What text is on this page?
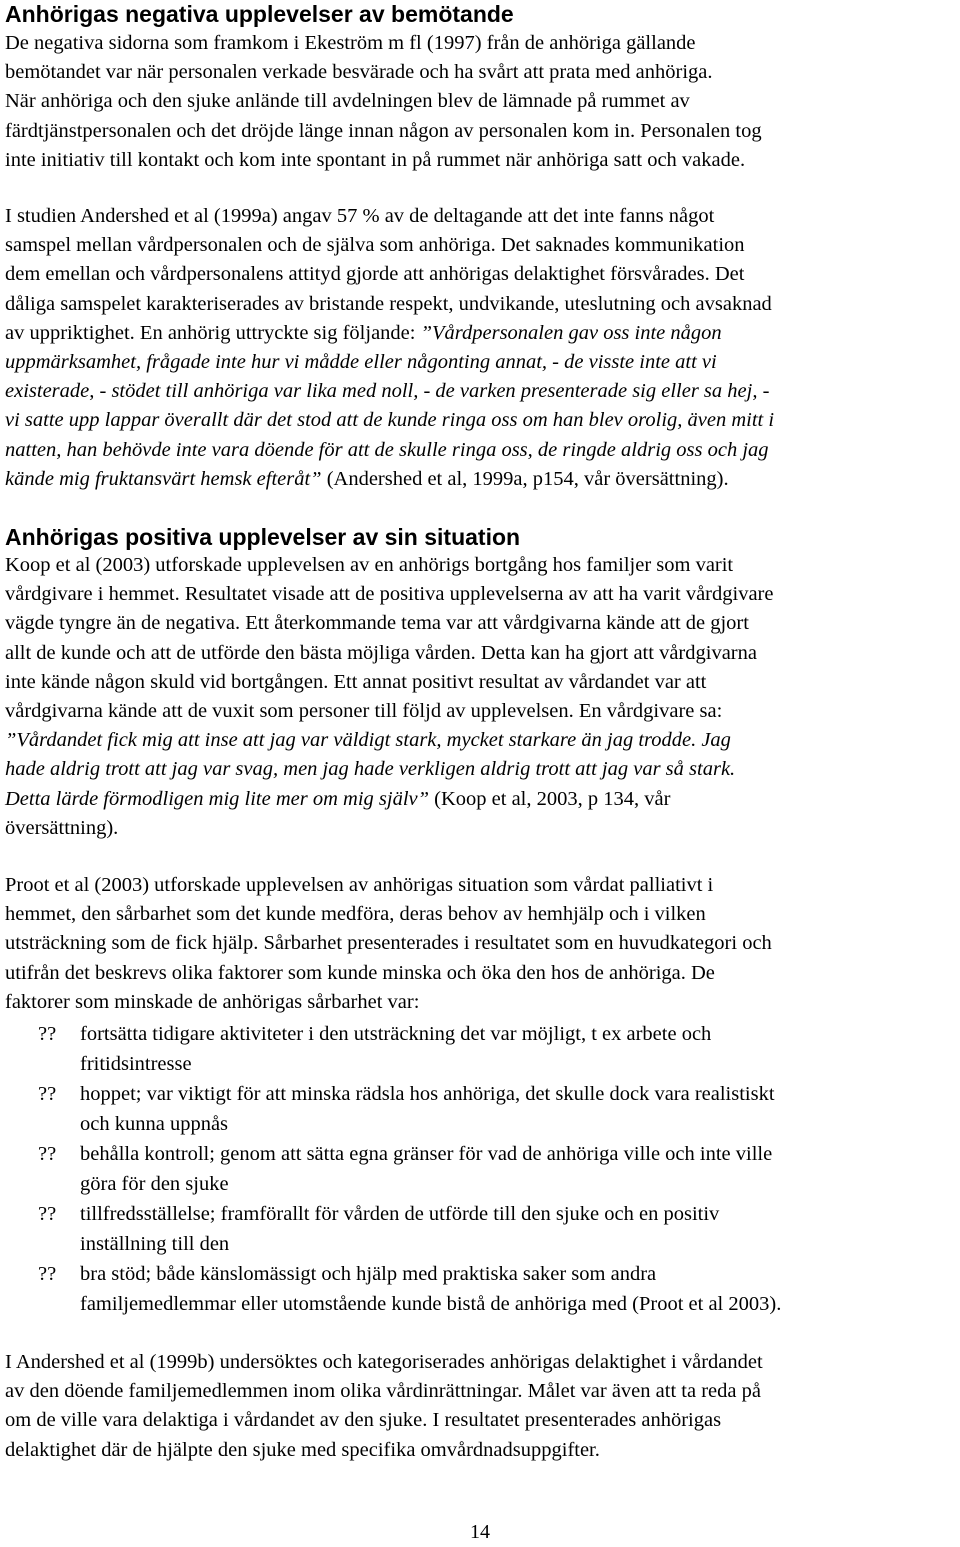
Anhörigas negativa upplevelser av bemötande

De negativa sidorna som framkom i Ekeström m fl (1997) från de anhöriga gällande
bemötandet var när personalen verkade besvärade och ha svårt att prata med anhöriga.
När anhöriga och den sjuke anlände till avdelningen blev de lämnade på rummet av
färdtjänstpersonalen och det dröjde länge innan någon av personalen kom in. Personalen tog
inte initiativ till kontakt och kom inte spontant in på rummet när anhöriga satt och vakade.

I studien Andershed et al (1999a) angav 57 % av de deltagande att det inte fanns något
samspel mellan vårdpersonalen och de själva som anhöriga. Det saknades kommunikation
dem emellan och vårdpersonalens attityd gjorde att anhörigas delaktighet försvårades. Det
dåliga samspelet karakteriserades av bristande respekt, undvikande, uteslutning och avsaknad
av uppriktighet. En anhörig uttryckte sig följande: ”Vårdpersonalen gav oss inte någon
uppmärksamhet, frågade inte hur vi mådde eller någonting annat, - de visste inte att vi
existerade, - stödet till anhöriga var lika med noll, - de varken presenterade sig eller sa hej, -
vi satte upp lappar överallt där det stod att de kunde ringa oss om han blev orolig, även mitt i
natten, han behövde inte vara döende för att de skulle ringa oss, de ringde aldrig oss och jag
kände mig fruktansvärt hemsk efteråt” (Andershed et al, 1999a, p154, vår översättning).

Anhörigas positiva upplevelser av sin situation

Koop et al (2003) utforskade upplevelsen av en anhörigs bortgång hos familjer som varit
vårdgivare i hemmet. Resultatet visade att de positiva upplevelserna av att ha varit vårdgivare
vägde tyngre än de negativa. Ett återkommande tema var att vårdgivarna kände att de gjort
allt de kunde och att de utförde den bästa möjliga vården. Detta kan ha gjort att vårdgivarna
inte kände någon skuld vid bortgången. Ett annat positivt resultat av vårdandet var att
vårdgivarna kände att de vuxit som personer till följd av upplevelsen. En vårdgivare sa:
”Vårdandet fick mig att inse att jag var väldigt stark, mycket starkare än jag trodde. Jag
hade aldrig trott att jag var svag, men jag hade verkligen aldrig trott att jag var så stark.
Detta lärde förmodligen mig lite mer om mig själv” (Koop et al, 2003, p 134, vår
översättning).

Proot et al (2003) utforskade upplevelsen av anhörigas situation som vårdat palliativt i
hemmet, den sårbarhet som det kunde medföra, deras behov av hemhjälp och i vilken
utsträckning som de fick hjälp. Sårbarhet presenterades i resultatet som en huvudkategori och
utifrån det beskrevs olika faktorer som kunde minska och öka den hos de anhöriga. De
faktorer som minskade de anhörigas sårbarhet var:

?? fortsätta tidigare aktiviteter i den utsträckning det var möjligt, t ex arbete och
fritidsintresse
?? hoppet; var viktigt för att minska rädsla hos anhöriga, det skulle dock vara realistiskt
och kunna uppnås
?? behålla kontroll; genom att sätta egna gränser för vad de anhöriga ville och inte ville
göra för den sjuke
?? tillfredsställelse; framförallt för vården de utförde till den sjuke och en positiv
inställning till den
?? bra stöd; både känslomässigt och hjälp med praktiska saker som andra
familjemedlemmar eller utomstående kunde bistå de anhöriga med (Proot et al 2003).

I Andershed et al (1999b) undersöktes och kategoriserades anhörigas delaktighet i vårdandet
av den döende familjemedlemmen inom olika vårdinrättningar. Målet var även att ta reda på
om de ville vara delaktiga i vårdandet av den sjuke. I resultatet presenterades anhörigas
delaktighet där de hjälpte den sjuke med specifika omvårdnadsuppgifter.

14
